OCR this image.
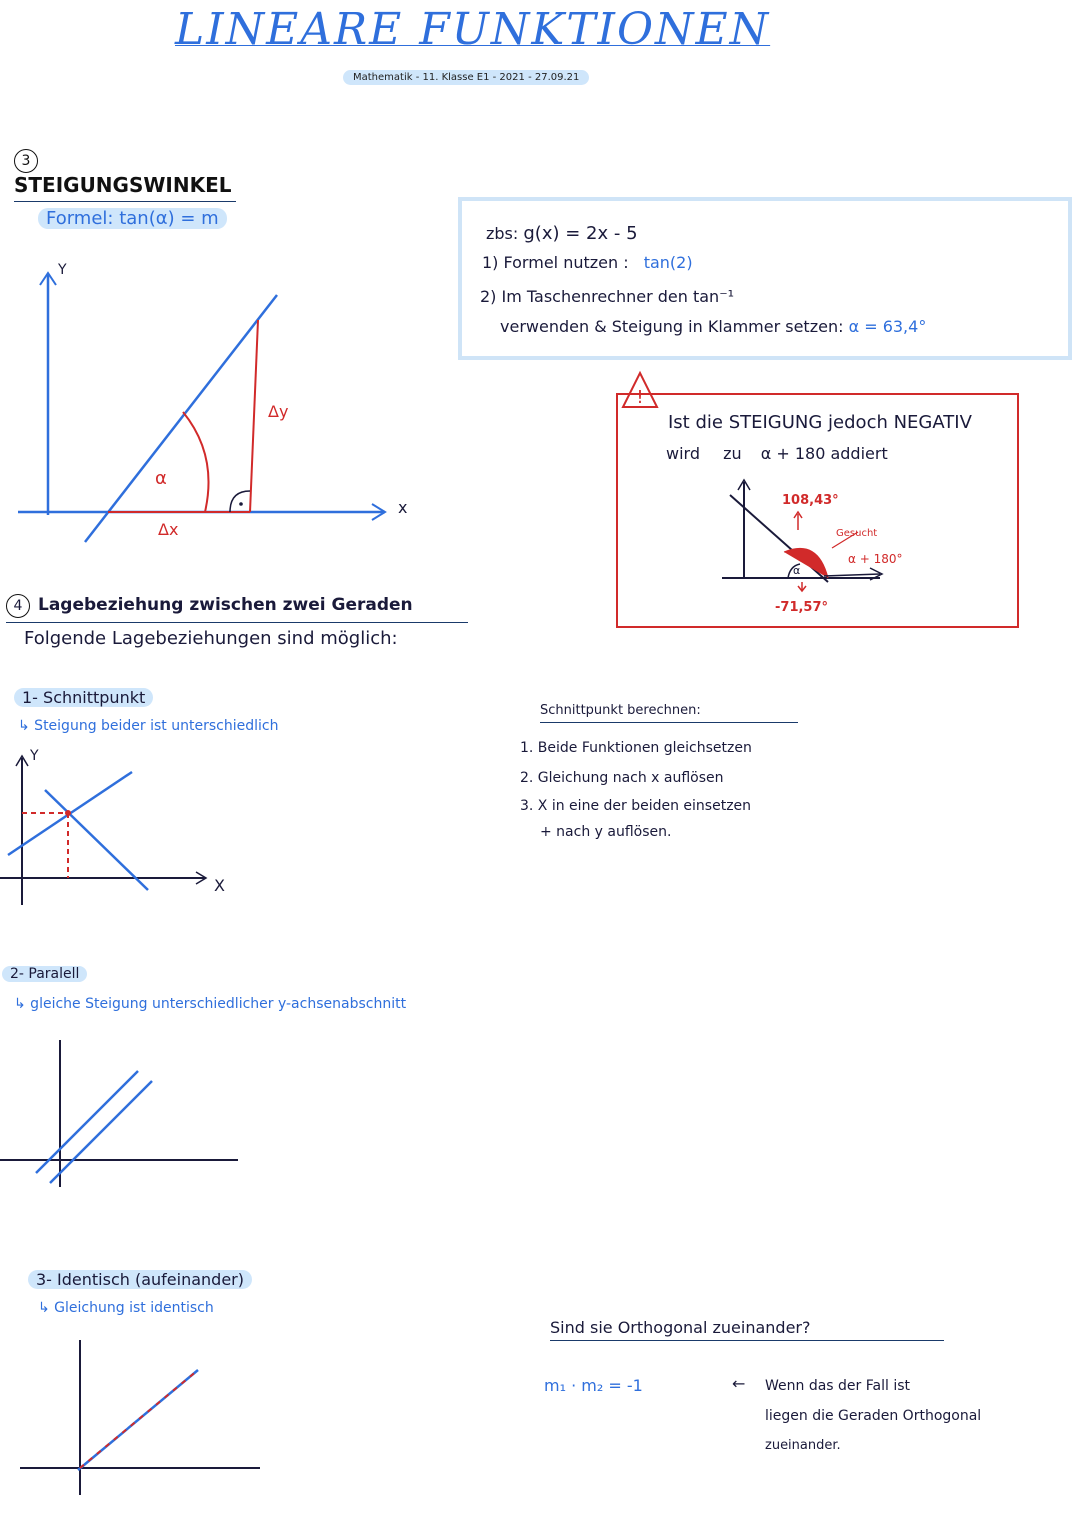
LINEARE FUNKTIONEN
Mathematik - 11. Klasse E1 - 2021 - 27.09.21
3STEIGUNGSWINKEL
Formel: tan(α) = m
Y
α
Δx
Δy
x
zbs: g(x) = 2x - 5
1) Formel nutzen : tan(2)
2) Im Taschenrechner den tan⁻¹
verwenden & Steigung in Klammer setzen: α = 63,4°
!
Ist die STEIGUNG jedoch NEGATIV
wird zu α + 180 addiert
108,43°
-71,57°
Gesucht
α + 180°
α
4 Lagebeziehung zwischen zwei Geraden
Folgende Lagebeziehungen sind möglich:
1- Schnittpunkt
↳ Steigung beider ist unterschiedlich
Y
X
2- Paralell
↳ gleiche Steigung unterschiedlicher y-achsenabschnitt
3- Identisch (aufeinander)
↳ Gleichung ist identisch
Schnittpunkt berechnen:
1. Beide Funktionen gleichsetzen
2. Gleichung nach x auflösen
3. X in eine der beiden einsetzen
+ nach y auflösen.
Sind sie Orthogonal zueinander?
m₁ · m₂ = -1	← Wenn das der Fall ist
liegen die Geraden Orthogonal
zueinander.
